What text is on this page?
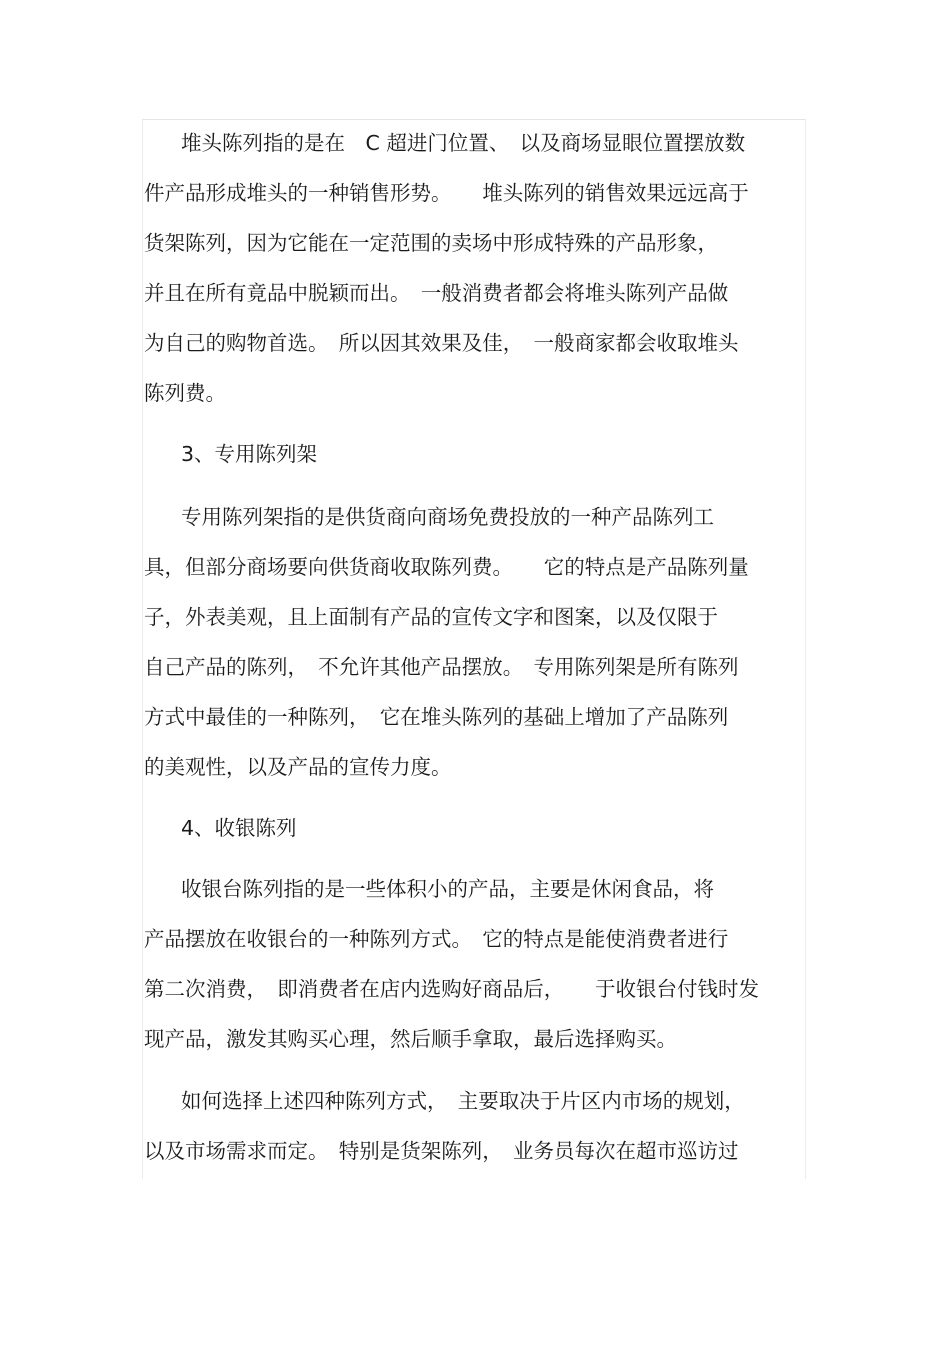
堆头陈列指的是在　C 超进门位置、　以及商场显眼位置摆放数
件产品形成堆头的一种销售形势。　　堆头陈列的销售效果远远高于
货架陈列，因为它能在一定范围的卖场中形成特殊的产品形象，
并且在所有竟品中脱颖而出。　一般消费者都会将堆头陈列产品做
为自己的购物首选。　所以因其效果及佳，　一般商家都会收取堆头
陈列费。
3、专用陈列架
专用陈列架指的是供货商向商场免费投放的一种产品陈列工
具，但部分商场要向供货商收取陈列费。　　它的特点是产品陈列量
子，外表美观，且上面制有产品的宣传文字和图案，以及仅限于
自己产品的陈列，　不允许其他产品摆放。　专用陈列架是所有陈列
方式中最佳的一种陈列，　它在堆头陈列的基础上增加了产品陈列
的美观性，以及产品的宣传力度。
4、收银陈列
收银台陈列指的是一些体积小的产品，主要是休闲食品，将
产品摆放在收银台的一种陈列方式。　它的特点是能使消费者进行
第二次消费，　即消费者在店内选购好商品后，　　于收银台付钱时发
现产品，激发其购买心理，然后顺手拿取，最后选择购买。
如何选择上述四种陈列方式，　主要取决于片区内市场的规划，
以及市场需求而定。　特别是货架陈列，　业务员每次在超市巡访过
